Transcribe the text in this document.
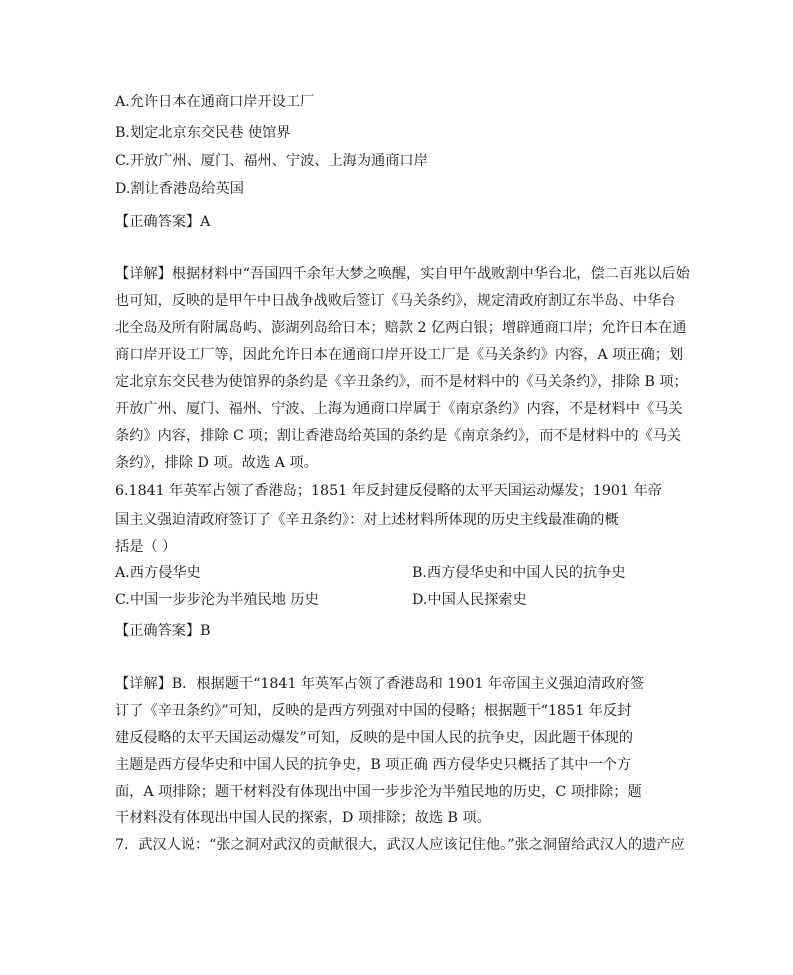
A.允许日本在通商口岸开设工厂
B.划定北京东交民巷 使馆界
C.开放广州、厦门、福州、宁波、上海为通商口岸
D.割让香港岛给英国
【正确答案】A
【详解】根据材料中“吾国四千余年大梦之唤醒，实自甲午战败割中华台北，偿二百兆以后始
也可知，反映的是甲午中日战争战败后签订《马关条约》，规定清政府割辽东半岛、中华台
北全岛及所有附属岛屿、澎湖列岛给日本；赔款 2 亿两白银；增辟通商口岸；允许日本在通
商口岸开设工厂等，因此允许日本在通商口岸开设工厂是《马关条约》内容，A 项正确；划
定北京东交民巷为使馆界的条约是《辛丑条约》，而不是材料中的《马关条约》，排除 B 项；
开放广州、厦门、福州、宁波、上海为通商口岸属于《南京条约》内容，不是材料中《马关
条约》内容，排除 C 项；割让香港岛给英国的条约是《南京条约》，而不是材料中的《马关
条约》，排除 D 项。故选 A 项。
6.1841 年英军占领了香港岛；1851 年反封建反侵略的太平天国运动爆发；1901 年帝
国主义强迫清政府签订了《辛丑条约》：对上述材料所体现的历史主线最准确的概
括是（ ）
A.西方侵华史	B.西方侵华史和中国人民的抗争史
C.中国一步步沦为半殖民地 历史	D.中国人民探索史
【正确答案】B
【详解】B．根据题干“1841 年英军占领了香港岛和 1901 年帝国主义强迫清政府签
订了《辛丑条约》”可知，反映的是西方列强对中国的侵略；根据题干“1851 年反封
建反侵略的太平天国运动爆发”可知，反映的是中国人民的抗争史，因此题干体现的
主题是西方侵华史和中国人民的抗争史，B 项正确 西方侵华史只概括了其中一个方
面，A 项排除；题干材料没有体现出中国一步步沦为半殖民地的历史，C 项排除；题
干材料没有体现出中国人民的探索，D 项排除；故选 B 项。
7．武汉人说：“张之洞对武汉的贡献很大，武汉人应该记住他。”张之洞留给武汉人的遗产应
